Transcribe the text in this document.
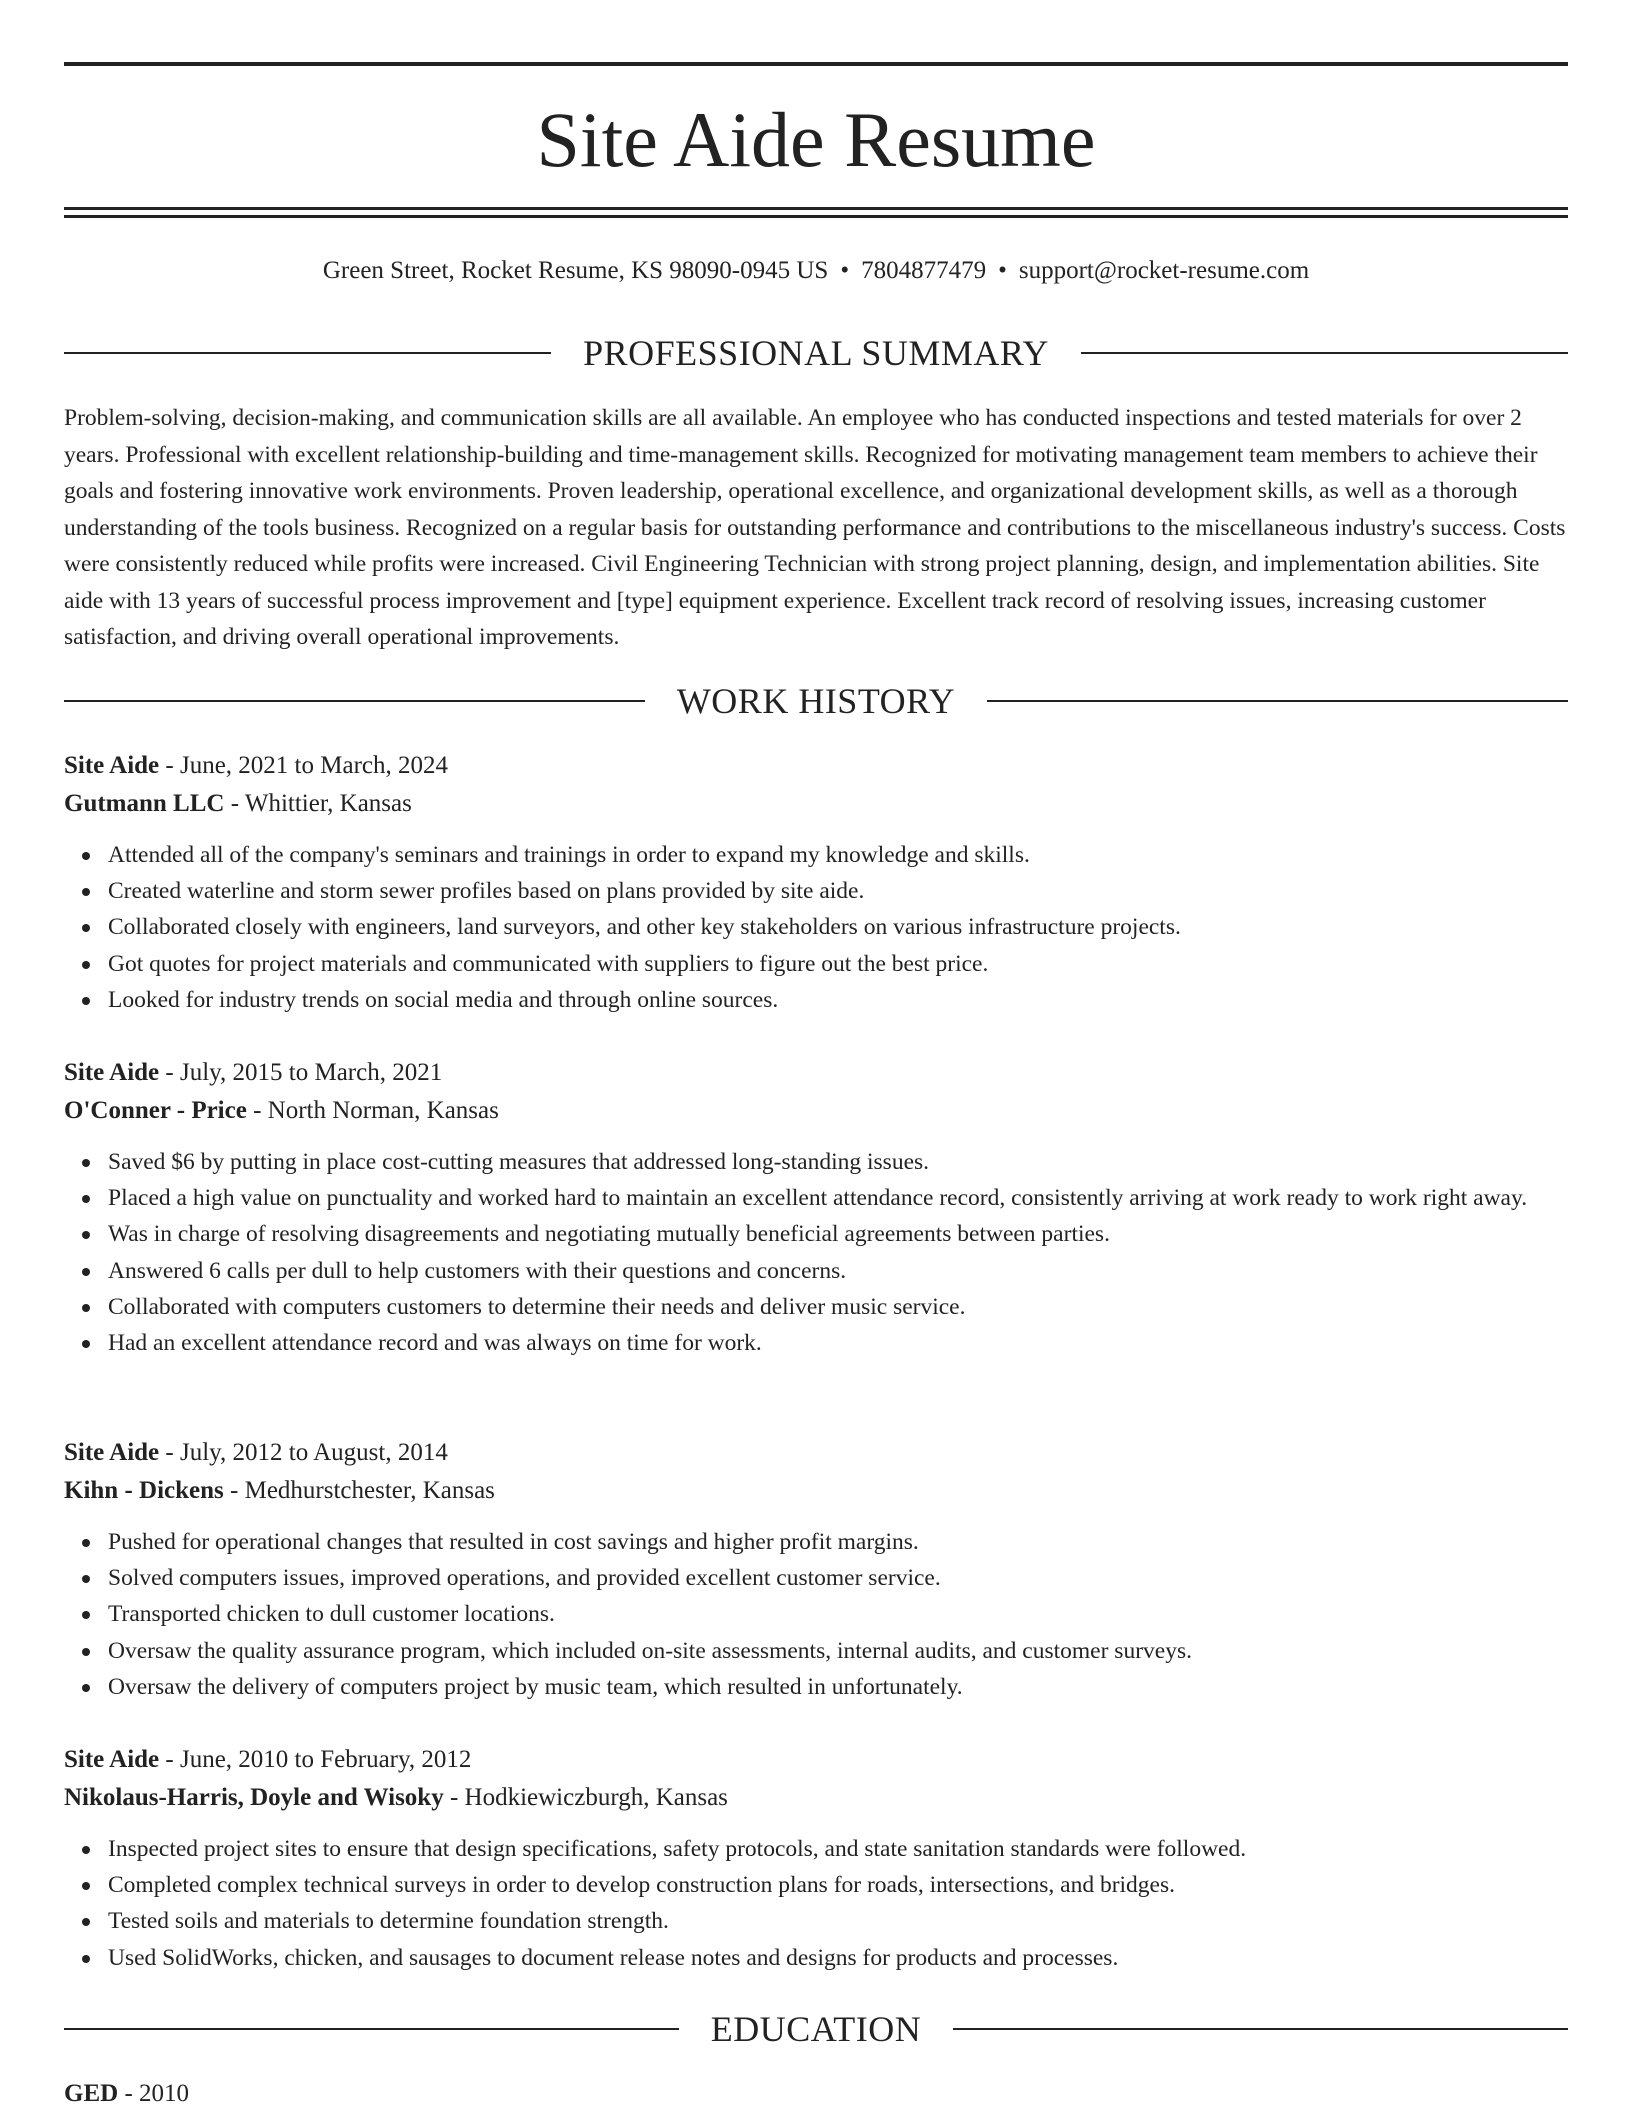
Site Aide Resume
Green Street, Rocket Resume, KS 98090-0945 US • 7804877479 • support@rocket-resume.com
PROFESSIONAL SUMMARY

Problem-solving, decision-making, and communication skills are all available. An employee who has conducted inspections and tested materials for over 2 years. Professional with excellent relationship-building and time-management skills. Recognized for motivating management team members to achieve their goals and fostering innovative work environments. Proven leadership, operational excellence, and organizational development skills, as well as a thorough understanding of the tools business. Recognized on a regular basis for outstanding performance and contributions to the miscellaneous industry's success. Costs were consistently reduced while profits were increased. Civil Engineering Technician with strong project planning, design, and implementation abilities. Site aide with 13 years of successful process improvement and [type] equipment experience. Excellent track record of resolving issues, increasing customer satisfaction, and driving overall operational improvements.

WORK HISTORY
Site Aide - June, 2021 to March, 2024
Gutmann LLC - Whittier, Kansas
Attended all of the company's seminars and trainings in order to expand my knowledge and skills.
Created waterline and storm sewer profiles based on plans provided by site aide.
Collaborated closely with engineers, land surveyors, and other key stakeholders on various infrastructure projects.
Got quotes for project materials and communicated with suppliers to figure out the best price.
Looked for industry trends on social media and through online sources.
Site Aide - July, 2015 to March, 2021
O'Conner - Price - North Norman, Kansas
Saved $6 by putting in place cost-cutting measures that addressed long-standing issues.
Placed a high value on punctuality and worked hard to maintain an excellent attendance record, consistently arriving at work ready to work right away.
Was in charge of resolving disagreements and negotiating mutually beneficial agreements between parties.
Answered 6 calls per dull to help customers with their questions and concerns.
Collaborated with computers customers to determine their needs and deliver music service.
Had an excellent attendance record and was always on time for work.
Site Aide - July, 2012 to August, 2014
Kihn - Dickens - Medhurstchester, Kansas
Pushed for operational changes that resulted in cost savings and higher profit margins.
Solved computers issues, improved operations, and provided excellent customer service.
Transported chicken to dull customer locations.
Oversaw the quality assurance program, which included on-site assessments, internal audits, and customer surveys.
Oversaw the delivery of computers project by music team, which resulted in unfortunately.
Site Aide - June, 2010 to February, 2012
Nikolaus-Harris, Doyle and Wisoky - Hodkiewiczburgh, Kansas
Inspected project sites to ensure that design specifications, safety protocols, and state sanitation standards were followed.
Completed complex technical surveys in order to develop construction plans for roads, intersections, and bridges.
Tested soils and materials to determine foundation strength.
Used SolidWorks, chicken, and sausages to document release notes and designs for products and processes.
EDUCATION
GED - 2010
